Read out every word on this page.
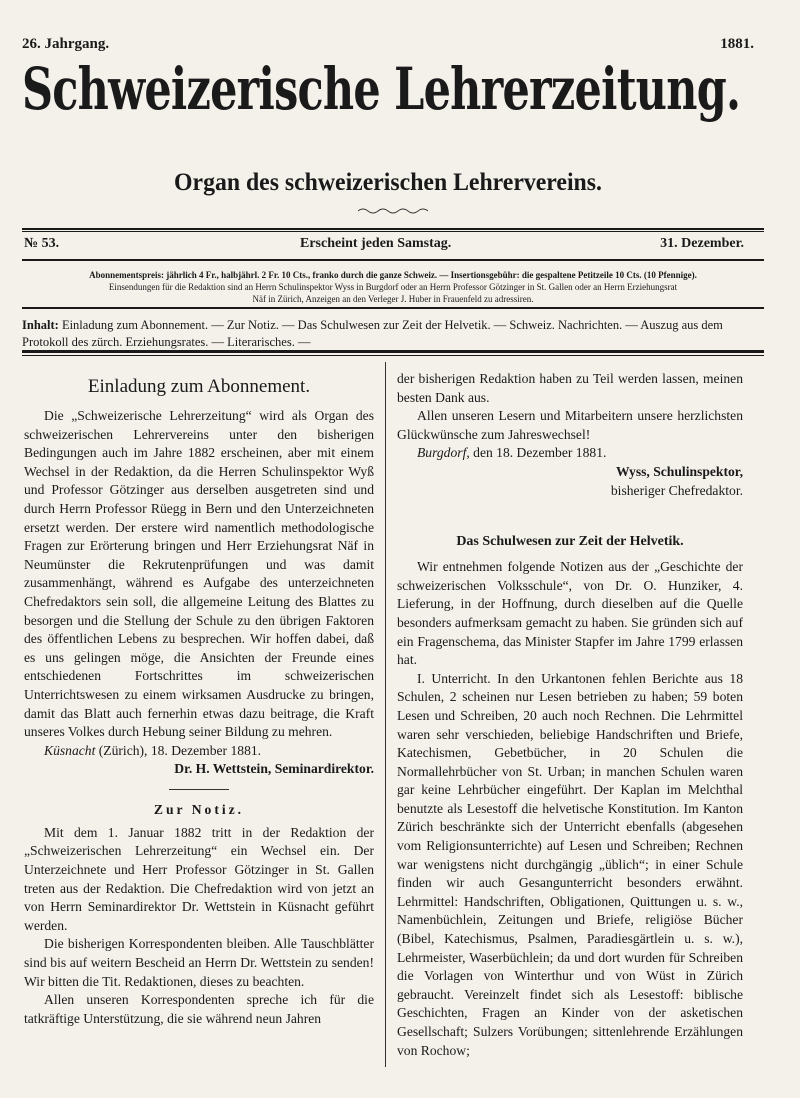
26. Jahrgang.	1881.
Schweizerische Lehrerzeitung.
Organ des schweizerischen Lehrervereins.
№ 53.	Erscheint jeden Samstag.	31. Dezember.
Abonnementspreis: jährlich 4 Fr., halbjährl. 2 Fr. 10 Cts., franko durch die ganze Schweiz. — Insertionsgebühr: die gespaltene Petitzeile 10 Cts. (10 Pfennige).
Einsendungen für die Redaktion sind an Herrn Schulinspektor Wyss in Burgdorf oder an Herrn Professor Götzinger in St. Gallen oder an Herrn Erziehungsrat
Näf in Zürich, Anzeigen an den Verleger J. Huber in Frauenfeld zu adressiren.
Inhalt: Einladung zum Abonnement. — Zur Notiz. — Das Schulwesen zur Zeit der Helvetik. — Schweiz. Nachrichten. — Auszug aus dem Protokoll des zürch. Erziehungsrates. — Literarisches. —
Einladung zum Abonnement.

Die „Schweizerische Lehrerzeitung“ wird als Organ des schweizerischen Lehrervereins unter den bisherigen Bedingungen auch im Jahre 1882 erscheinen, aber mit einem Wechsel in der Redaktion, da die Herren Schulinspektor Wyß und Professor Götzinger aus derselben ausgetreten sind und durch Herrn Professor Rüegg in Bern und den Unterzeichneten ersetzt werden. Der erstere wird namentlich methodologische Fragen zur Erörterung bringen und Herr Erziehungsrat Näf in Neumünster die Rekrutenprüfungen und was damit zusammenhängt, während es Aufgabe des unterzeichneten Chefredaktors sein soll, die allgemeine Leitung des Blattes zu besorgen und die Stellung der Schule zu den übrigen Faktoren des öffentlichen Lebens zu besprechen. Wir hoffen dabei, daß es uns gelingen möge, die Ansichten der Freunde eines entschiedenen Fortschrittes im schweizerischen Unterrichtswesen zu einem wirksamen Ausdrucke zu bringen, damit das Blatt auch fernerhin etwas dazu beitrage, die Kraft unseres Volkes durch Hebung seiner Bildung zu mehren.

Küsnacht (Zürich), 18. Dezember 1881.

Dr. H. Wettstein, Seminardirektor.

Zur Notiz.

Mit dem 1. Januar 1882 tritt in der Redaktion der „Schweizerischen Lehrerzeitung“ ein Wechsel ein. Der Unterzeichnete und Herr Professor Götzinger in St. Gallen treten aus der Redaktion. Die Chefredaktion wird von jetzt an von Herrn Seminardirektor Dr. Wettstein in Küsnacht geführt werden.

Die bisherigen Korrespondenten bleiben. Alle Tauschblätter sind bis auf weitern Bescheid an Herrn Dr. Wettstein zu senden! Wir bitten die Tit. Redaktionen, dieses zu beachten.

Allen unseren Korrespondenten spreche ich für die tatkräftige Unterstützung, die sie während neun Jahren

der bisherigen Redaktion haben zu Teil werden lassen, meinen besten Dank aus.

Allen unseren Lesern und Mitarbeitern unsere herzlichsten Glückwünsche zum Jahreswechsel!

Burgdorf, den 18. Dezember 1881.

Wyss, Schulinspektor,

bisheriger Chefredaktor.

Das Schulwesen zur Zeit der Helvetik.

Wir entnehmen folgende Notizen aus der „Geschichte der schweizerischen Volksschule“, von Dr. O. Hunziker, 4. Lieferung, in der Hoffnung, durch dieselben auf die Quelle besonders aufmerksam gemacht zu haben. Sie gründen sich auf ein Fragenschema, das Minister Stapfer im Jahre 1799 erlassen hat.

I. Unterricht. In den Urkantonen fehlen Berichte aus 18 Schulen, 2 scheinen nur Lesen betrieben zu haben; 59 boten Lesen und Schreiben, 20 auch noch Rechnen. Die Lehrmittel waren sehr verschieden, beliebige Handschriften und Briefe, Katechismen, Gebetbücher, in 20 Schulen die Normallehrbücher von St. Urban; in manchen Schulen waren gar keine Lehrbücher eingeführt. Der Kaplan im Melchthal benutzte als Lesestoff die helvetische Konstitution. Im Kanton Zürich beschränkte sich der Unterricht ebenfalls (abgesehen vom Religionsunterrichte) auf Lesen und Schreiben; Rechnen war wenigstens nicht durchgängig „üblich“; in einer Schule finden wir auch Gesangunterricht besonders erwähnt. Lehrmittel: Handschriften, Obligationen, Quittungen u. s. w., Namenbüchlein, Zeitungen und Briefe, religiöse Bücher (Bibel, Katechismus, Psalmen, Paradiesgärtlein u. s. w.), Lehrmeister, Waserbüchlein; da und dort wurden für Schreiben die Vorlagen von Winterthur und von Wüst in Zürich gebraucht. Vereinzelt findet sich als Lesestoff: biblische Geschichten, Fragen an Kinder von der asketischen Gesellschaft; Sulzers Vorübungen; sittenlehrende Erzählungen von Rochow;
